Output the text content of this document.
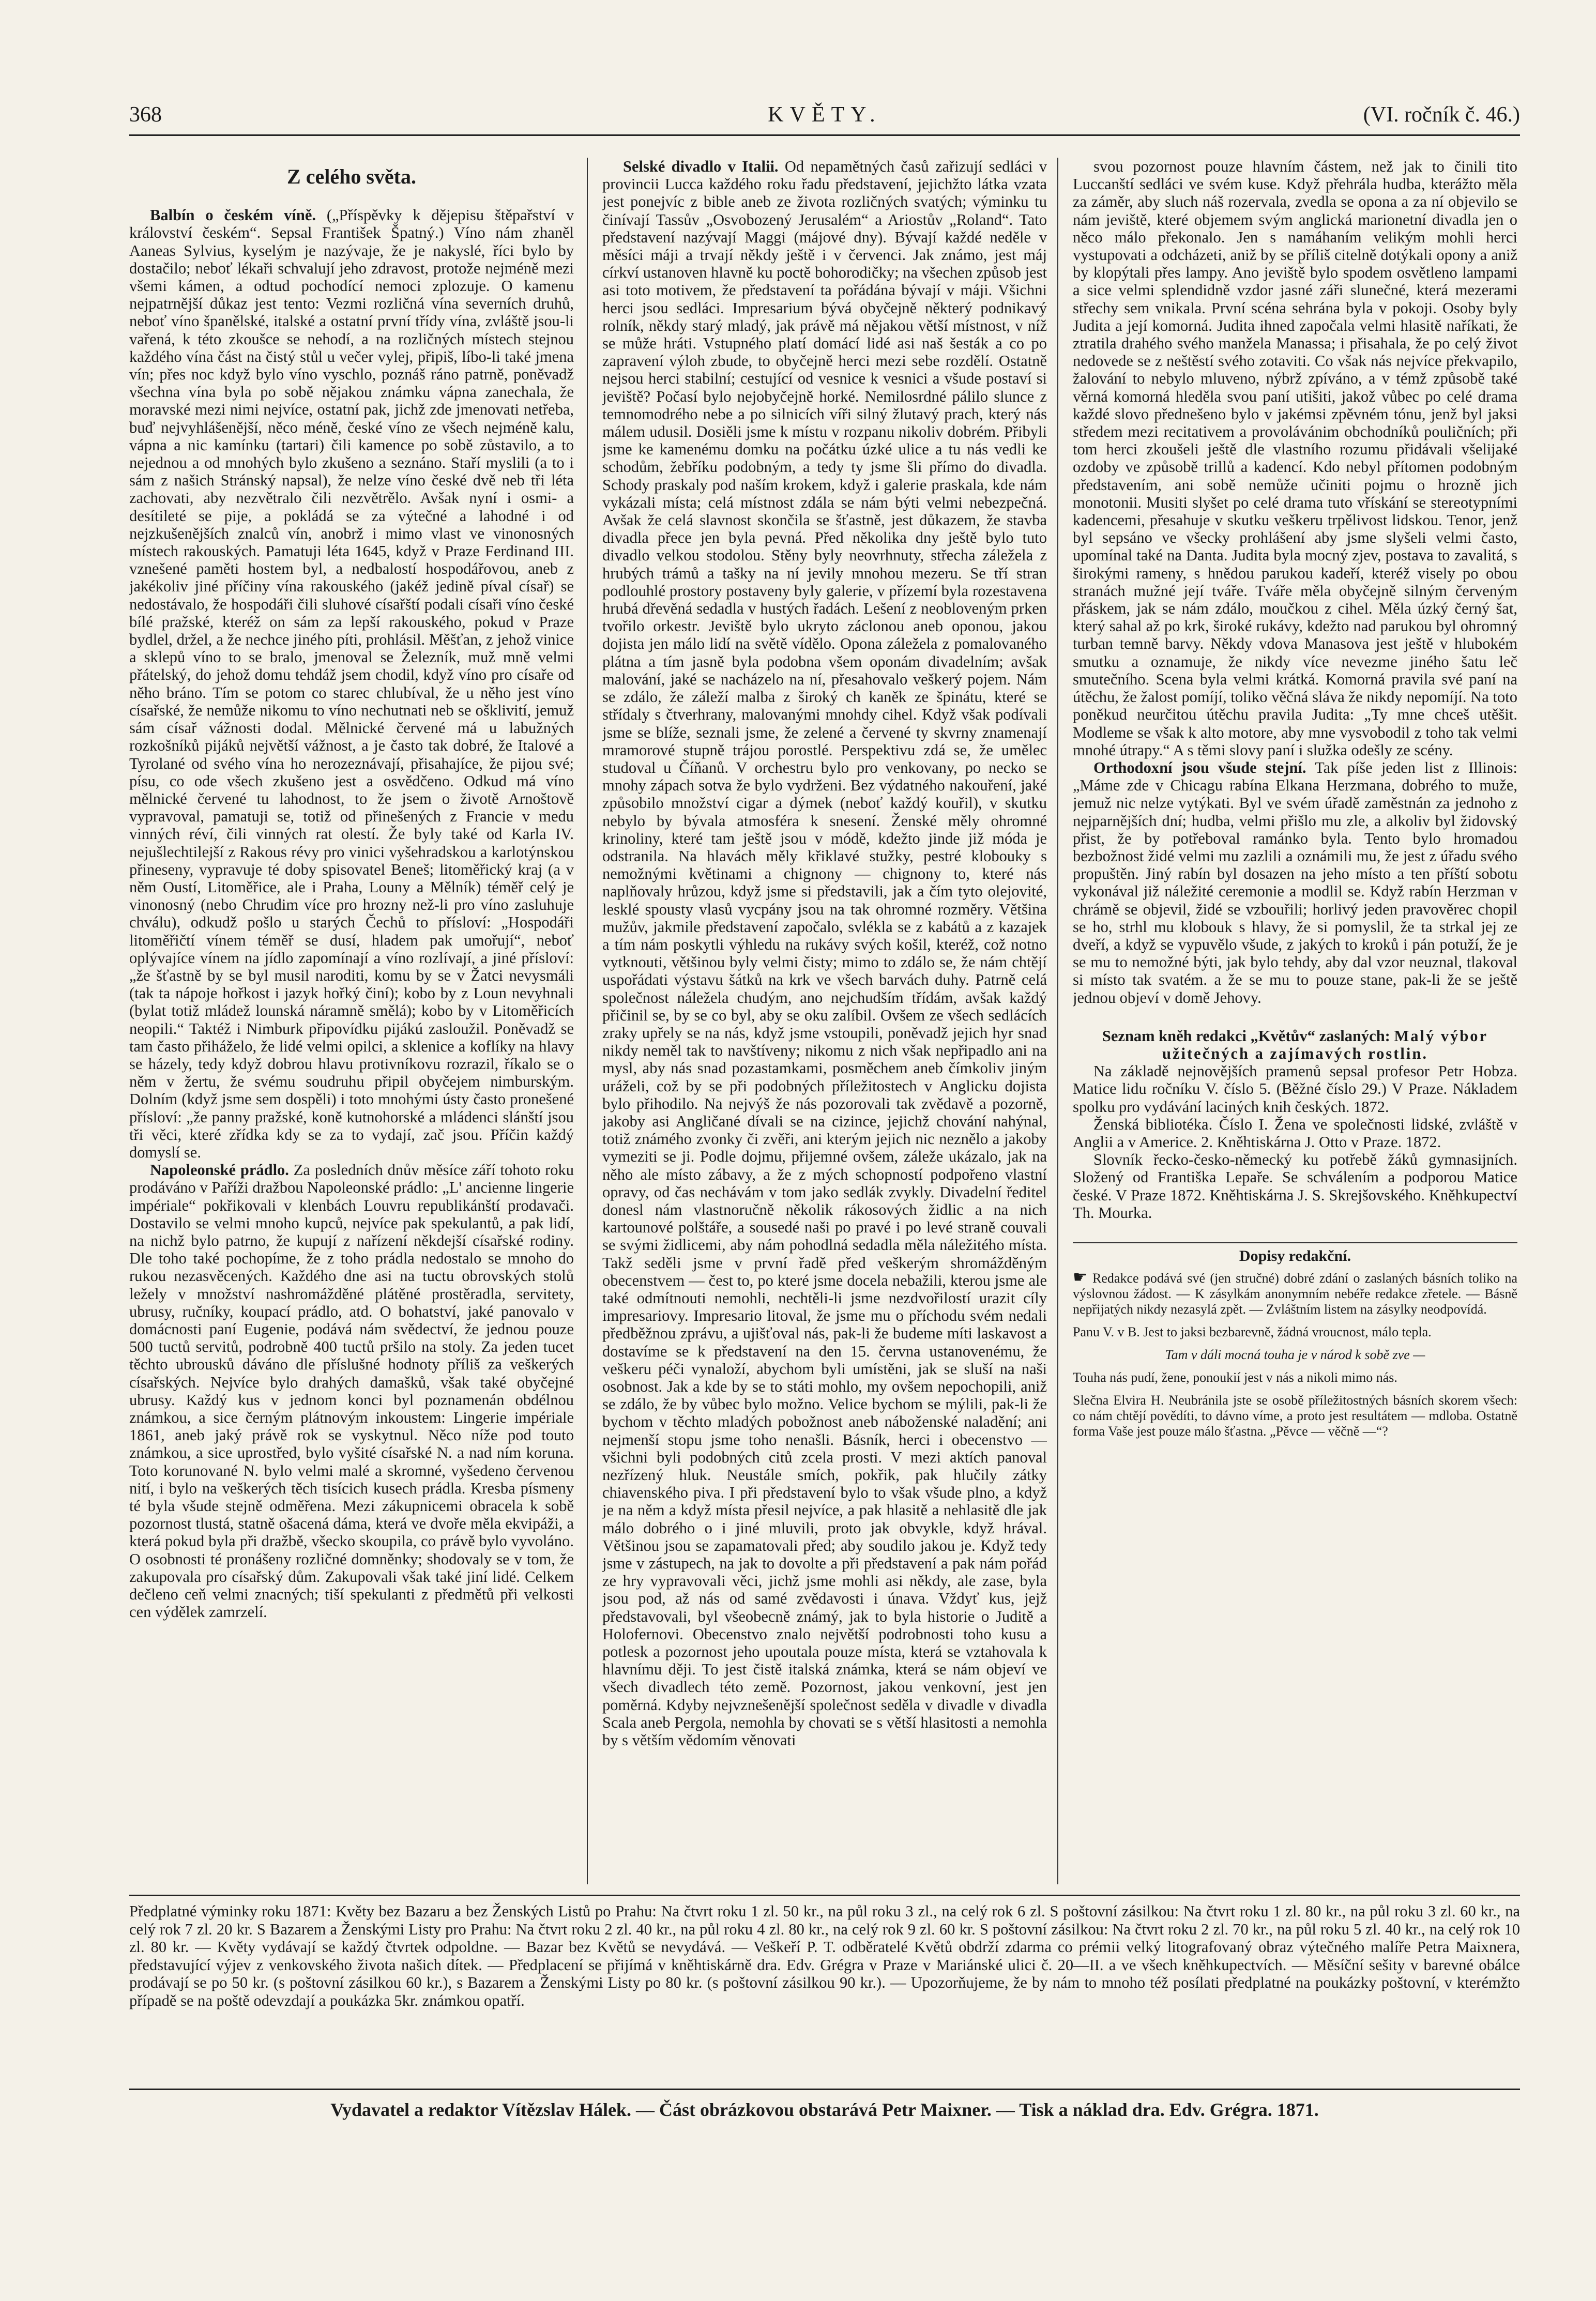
368	KVĚTY.	(VI. ročník č. 46.)
Z celého světa.

Balbín o českém víně. („Příspěvky k dějepisu štěpařství v království českém“. Sepsal František Špatný.) Víno nám zhaněl Aaneas Sylvius, kyselým je nazývaje, že je nakyslé, říci bylo by dostačilo; neboť lékaři schvalují jeho zdravost, protože nejméně mezi všemi kámen, a odtud pochodící nemoci zplozuje. O kamenu nejpatrnější důkaz jest tento: Vezmi rozličná vína severních druhů, neboť víno španělské, italské a ostatní první třídy vína, zvláště jsou-li vařená, k této zkoušce se nehodí, a na rozličných místech stejnou každého vína část na čistý stůl u večer vylej, připiš, líbo-li také jmena vín; přes noc když bylo víno vyschlo, poznáš ráno patrně, poněvadž všechna vína byla po sobě nějakou známku vápna zanechala, že moravské mezi nimi nejvíce, ostatní pak, jichž zde jmenovati netřeba, buď nejvyhlášenější, něco méně, české víno ze všech nejméně kalu, vápna a nic kamínku (tartari) čili kamence po sobě zůstavilo, a to nejednou a od mnohých bylo zkušeno a seznáno. Staří myslili (a to i sám z našich Stránský napsal), že nelze víno české dvě neb tři léta zachovati, aby nezvětralo čili nezvětrělo. Avšak nyní i osmi- a desítileté se pije, a pokládá se za výtečné a lahodné i od nejzkušenějších znalců vín, anobrž i mimo vlast ve vinonosných místech rakouských. Pamatuji léta 1645, když v Praze Ferdinand III. vznešené paměti hostem byl, a nedbalostí hospodářovou, aneb z jakékoliv jiné příčiny vína rakouského (jakéž jedině píval císař) se nedostávalo, že hospodáři čili sluhové císařští podali císaři víno české bílé pražské, kteréž on sám za lepší rakouského, pokud v Praze bydlel, držel, a že nechce jiného píti, prohlásil. Měšťan, z jehož vinice a sklepů víno to se bralo, jmenoval se Železník, muž mně velmi přátelský, do jehož domu tehdáž jsem chodil, když víno pro císaře od něho bráno. Tím se potom co starec chlubíval, že u něho jest víno císařské, že nemůže nikomu to víno nechutnati neb se ošklivití, jemuž sám císař vážnosti dodal. Mělnické červené má u labužných rozkošníků pijáků největší vážnost, a je často tak dobré, že Italové a Tyrolané od svého vína ho nerozeznávají, přisahajíce, že pijou své; písu, co ode všech zkušeno jest a osvědčeno. Odkud má víno mělnické červené tu lahodnost, to že jsem o životě Arnoštově vypravoval, pamatuji se, totiž od přinešených z Francie v medu vinných réví, čili vinných rat olestí. Že byly také od Karla IV. nejušlechtilejší z Rakous révy pro vinici vyšehradskou a karlotýnskou přineseny, vypravuje té doby spisovatel Beneš; litoměřický kraj (a v něm Oustí, Litoměřice, ale i Praha, Louny a Mělník) téměř celý je vinonosný (nebo Chrudim více pro hrozny než-li pro víno zasluhuje chválu), odkudž pošlo u starých Čechů to přísloví: „Hospodáři litoměřičtí vínem téměř se dusí, hladem pak umořují“, neboť oplývajíce vínem na jídlo zapomínají a víno rozlívají, a jiné přísloví: „že šťastně by se byl musil naroditi, komu by se v Žatci nevysmáli (tak ta nápoje hořkost i jazyk hořký činí); kobo by z Loun nevyhnali (bylat totiž mládež lounská náramně smělá); kobo by v Litoměřicích neopili.“ Taktéž i Nimburk připovídku pijákú zasloužil. Poněvadž se tam často přiháželo, že lidé velmi opilci, a sklenice a koflíky na hlavy se házely, tedy když dobrou hlavu protivníkovu rozrazil, říkalo se o něm v žertu, že svému soudruhu připil obyčejem nimburským. Dolním (když jsme sem dospěli) i toto mnohými ústy často pronešené přísloví: „že panny pražské, koně kutnohorské a mládenci slánští jsou tři věci, které zřídka kdy se za to vydají, zač jsou. Příčin každý domyslí se.

Napoleonské prádlo. Za posledních dnův měsíce září tohoto roku prodáváno v Paříži dražbou Napoleonské prádlo: „L' ancienne lingerie impériale“ pokřikovali v klenbách Louvru republikánští prodavači. Dostavilo se velmi mnoho kupců, nejvíce pak spekulantů, a pak lidí, na nichž bylo patrno, že kupují z nařízení někdejší císařské rodiny. Dle toho také pochopíme, že z toho prádla nedostalo se mnoho do rukou nezasvěcených. Každého dne asi na tuctu obrovských stolů ležely v množství nashromážděné plátěné prostěradla, servitety, ubrusy, ručníky, koupací prádlo, atd. O bohatství, jaké panovalo v domácnosti paní Eugenie, podává nám svědectví, že jednou pouze 500 tuctů servitů, podrobně 400 tuctů pršilo na stoly. Za jeden tucet těchto ubrousků dáváno dle příslušné hodnoty příliš za veškerých císařských. Nejvíce bylo drahých damašků, však také obyčejné ubrusy. Každý kus v jednom konci byl poznamenán obdélnou známkou, a sice černým plátnovým inkoustem: Lingerie impériale 1861, aneb jaký právě rok se vyskytnul. Něco níže pod touto známkou, a sice uprostřed, bylo vyšité císařské N. a nad ním koruna. Toto korunované N. bylo velmi malé a skromné, vyšedeno červenou nití, i bylo na veškerých těch tisícich kusech prádla. Kresba písmeny té byla všude stejně odměřena. Mezi zákupnicemi obracela k sobě pozornost tlustá, statně ošacená dáma, která ve dvoře měla ekvipáži, a která pokud byla při dražbě, všecko skoupila, co právě bylo vyvoláno. O osobnosti té pronášeny rozličné domněnky; shodovaly se v tom, že zakupovala pro císařský dům. Zakupovali však také jiní lidé. Celkem dečleno ceň velmi znacných; tiší spekulanti z předmětů při velkosti cen výdělek zamrzelí.

Selské divadlo v Italii. Od nepamětných časů zařizují sedláci v provincii Lucca každého roku řadu představení, jejichžto látka vzata jest ponejvíc z bible aneb ze života rozličných svatých; výminku tu činívají Tassův „Osvobozený Jerusalém“ a Ariostův „Roland“. Tato představení nazývají Maggi (májové dny). Bývají každé neděle v měsíci máji a trvají někdy ještě i v červenci. Jak známo, jest máj církví ustanoven hlavně ku poctě bohorodičky; na všechen způsob jest asi toto motivem, že představení ta pořádána bývají v máji. Všichni herci jsou sedláci. Impresarium bývá obyčejně některý podnikavý rolník, někdy starý mladý, jak právě má nějakou větší místnost, v níž se může hráti. Vstupného platí domácí lidé asi naš šesták a co po zapravení výloh zbude, to obyčejně herci mezi sebe rozdělí. Ostatně nejsou herci stabilní; cestující od vesnice k vesnici a všude postaví si jeviště? Počasí bylo nejobyčejně horké. Nemilosrdné pálilo slunce z temnomodrého nebe a po silnicích víři silný žlutavý prach, který nás málem udusil. Dosiěli jsme k místu v rozpanu nikoliv dobrém. Přibyli jsme ke kamenému domku na počátku úzké ulice a tu nás vedli ke schodům, žebříku podobným, a tedy ty jsme šli přímo do divadla. Schody praskaly pod naším krokem, když i galerie praskala, kde nám vykázali místa; celá místnost zdála se nám býti velmi nebezpečná. Avšak že celá slavnost skončila se šťastně, jest důkazem, že stavba divadla přece jen byla pevná. Před několika dny ještě bylo tuto divadlo velkou stodolou. Stěny byly neovrhnuty, střecha záležela z hrubých trámů a tašky na ní jevily mnohou mezeru. Se tří stran podlouhlé prostory postaveny byly galerie, v přízemí byla rozestavena hrubá dřevěná sedadla v hustých řadách. Lešení z neobloveným prken tvořilo orkestr. Jeviště bylo ukryto záclonou aneb oponou, jakou dojista jen málo lidí na světě vídělo. Opona záležela z pomalovaného plátna a tím jasně byla podobna všem oponám divadelním; avšak malování, jaké se nacházelo na ní, přesahovalo veškerý pojem. Nám se zdálo, že záleží malba z široký ch kaněk ze špinátu, které se střídaly s čtverhrany, malovanými mnohdy cihel. Když však podívali jsme se blíže, seznali jsme, že zelené a červené ty skvrny znamenají mramorové stupně trájou porostlé. Perspektivu zdá se, že umělec studoval u Číňanů. V orchestru bylo pro venkovany, po necko se mnohy zápach sotva že bylo vydrženi. Bez výdatného nakouření, jaké způsobilo množství cigar a dýmek (neboť každý kouřil), v skutku nebylo by bývala atmosféra k snesení. Ženské měly ohromné krinoliny, které tam ještě jsou v módě, kdežto jinde již móda je odstranila. Na hlavách měly křiklavé stužky, pestré klobouky s nemožnými květinami a chignony — chignony to, které nás naplňovaly hrůzou, když jsme si představili, jak a čím tyto olejovité, lesklé spousty vlasů vycpány jsou na tak ohromné rozměry. Většina mužův, jakmile představení započalo, svlékla se z kabátů a z kazajek a tím nám poskytli výhledu na rukávy svých košil, kteréž, což notno vytknouti, většinou byly velmi čisty; mimo to zdálo se, že nám chtějí uspořádati výstavu šátků na krk ve všech barvách duhy. Patrně celá společnost náležela chudým, ano nejchudším třídám, avšak každý přičinil se, by se co byl, aby se oku zalíbil. Ovšem ze všech sedlácích zraky upřely se na nás, když jsme vstoupili, poněvadž jejich hyr snad nikdy neměl tak to navštíveny; nikomu z nich však nepřipadlo ani na mysl, aby nás snad pozastamkami, posměchem aneb čímkoliv jiným uráželi, což by se při podobných příležitostech v Anglicku dojista bylo přihodilo. Na nejvýš že nás pozorovali tak zvědavě a pozorně, jakoby asi Angličané dívali se na cizince, jejichž chování nahýnal, totiž známého zvonky či zvěři, ani kterým jejich nic neznělo a jakoby vymeziti se ji. Podle dojmu, přijemné ovšem, záleže ukázalo, jak na něho ale místo zábavy, a že z mých schopností podpořeno vlastní opravy, od čas nechávám v tom jako sedlák zvykly. Divadelní ředitel donesl nám vlastnoručně několik rákosových židlic a na nich kartounové polštáře, a sousedé naši po pravé i po levé straně couvali se svými židlicemi, aby nám pohodlná sedadla měla náležitého místa. Takž seděli jsme v první řadě před veškerým shromážděným obecenstvem — čest to, po které jsme docela nebažili, kterou jsme ale také odmítnouti nemohli, nechtěli-li jsme nezdvořilostí urazit cíly impresariovy. Impresario litoval, že jsme mu o příchodu svém nedali předběžnou zprávu, a ujišťoval nás, pak-li že budeme míti laskavost a dostavíme se k představení na den 15. června ustanovenému, že veškeru péči vynaloží, abychom byli umístěni, jak se sluší na naši osobnost. Jak a kde by se to státi mohlo, my ovšem nepochopili, aniž se zdálo, že by vůbec bylo možno. Velice bychom se mýlili, pak-li že bychom v těchto mladých pobožnost aneb náboženské naladění; ani nejmenší stopu jsme toho nenašli. Básník, herci i obecenstvo — všichni byli podobných citů zcela prosti. V mezi aktích panoval nezřízený hluk. Neustále smích, pokřik, pak hlučily zátky chiavenského piva. I při představení bylo to však všude plno, a když je na něm a když místa přesil nejvíce, a pak hlasitě a nehlasitě dle jak málo dobrého o i jiné mluvili, proto jak obvykle, když hrával. Většinou jsou se zapamatovali před; aby soudilo jakou je. Když tedy jsme v zástupech, na jak to dovolte a při představení a pak nám pořád ze hry vypravovali věci, jichž jsme mohli asi někdy, ale zase, byla jsou pod, až nás od samé zvědavosti i únava. Vždyť kus, jejž představovali, byl všeobecně známý, jak to byla historie o Juditě a Holofernovi. Obecenstvo znalo největší podrobnosti toho kusu a potlesk a pozornost jeho upoutala pouze místa, která se vztahovala k hlavnímu ději. To jest čistě italská známka, která se nám objeví ve všech divadlech této země. Pozornost, jakou venkovní, jest jen poměrná. Kdyby nejvznešenější společnost seděla v divadle v divadla Scala aneb Pergola, nemohla by chovati se s větší hlasitosti a nemohla by s větším vědomím věnovati

svou pozornost pouze hlavním částem, než jak to činili tito Luccanští sedláci ve svém kuse. Když přehrála hudba, kterážto měla za záměr, aby sluch náš rozervala, zvedla se opona a za ní objevilo se nám jeviště, které objemem svým anglická marionetní divadla jen o něco málo překonalo. Jen s namáhaním velikým mohli herci vystupovati a odcházeti, aniž by se příliš citelně dotýkali opony a aniž by klopýtali přes lampy. Ano jeviště bylo spodem osvětleno lampami a sice velmi splendidně vzdor jasné záři slunečné, která mezerami střechy sem vnikala. První scéna sehrána byla v pokoji. Osoby byly Judita a její komorná. Judita ihned započala velmi hlasitě naříkati, že ztratila drahého svého manžela Manassa; i přisahala, že po celý život nedovede se z neštěstí svého zotaviti. Co však nás nejvíce překvapilo, žalování to nebylo mluveno, nýbrž zpíváno, a v témž způsobě také věrná komorná hleděla svou paní utišiti, jakož vůbec po celé drama každé slovo přednešeno bylo v jakémsi zpěvném tónu, jenž byl jaksi středem mezi recitativem a provolávánim obchodníků pouličních; při tom herci zkoušeli ještě dle vlastního rozumu přidávali všelijaké ozdoby ve způsobě trillů a kadencí. Kdo nebyl přítomen podobným představením, ani sobě nemůže učiniti pojmu o hrozně jich monotonii. Musiti slyšet po celé drama tuto vřískání se stereotypními kadencemi, přesahuje v skutku veškeru trpělivost lidskou. Tenor, jenž byl sepsáno ve všecky prohlášení aby jsme slyšeli velmi často, upomínal také na Danta. Judita byla mocný zjev, postava to zavalitá, s širokými rameny, s hnědou parukou kadeří, kteréž visely po obou stranách mužné její tváře. Tváře měla obyčejně silným červeným přáskem, jak se nám zdálo, moučkou z cihel. Měla úzký černý šat, který sahal až po krk, široké rukávy, kdežto nad parukou byl ohromný turban temně barvy. Někdy vdova Manasova jest ještě v hlubokém smutku a oznamuje, že nikdy více nevezme jiného šatu leč smutečního. Scena byla velmi krátká. Komorná pravila své paní na útěchu, že žalost pomíjí, toliko věčná sláva že nikdy nepomíjí. Na toto poněkud neurčitou útěchu pravila Judita: „Ty mne chceš utěšit. Modleme se však k alto motore, aby mne vysvobodil z toho tak velmi mnohé útrapy.“ A s těmi slovy paní i služka odešly ze scény.

Orthodoxní jsou všude stejní. Tak píše jeden list z Illinois: „Máme zde v Chicagu rabína Elkana Herzmana, dobrého to muže, jemuž nic nelze vytýkati. Byl ve svém úřadě zaměstnán za jednoho z nejparnějších dní; hudba, velmi přišlo mu zle, a alkoliv byl židovský přist, že by potřeboval ramánko byla. Tento bylo hromadou bezbožnost židé velmi mu zazlili a oznámili mu, že jest z úřadu svého propuštěn. Jiný rabín byl dosazen na jeho místo a ten příští sobotu vykonával již náležité ceremonie a modlil se. Když rabín Herzman v chrámě se objevil, židé se vzbouřili; horlivý jeden pravověrec chopil se ho, strhl mu klobouk s hlavy, že si pomyslil, že ta strkal jej ze dveří, a když se vypuvělo všude, z jakých to kroků i pán potuží, že je se mu to nemožné býti, jak bylo tehdy, aby dal vzor neuznal, tlakoval si místo tak svatém. a že se mu to pouze stane, pak-li že se ještě jednou objeví v domě Jehovy.

Seznam kněh redakci „Květův“ zaslaných: Malý výbor užitečných a zajímavých rostlin.

Na základě nejnovějších pramenů sepsal profesor Petr Hobza. Matice lidu ročníku V. číslo 5. (Běžné číslo 29.) V Praze. Nákladem spolku pro vydávání laciných knih českých. 1872.

Ženská bibliotéka. Číslo I. Žena ve společnosti lidské, zvláště v Anglii a v Americe. 2. Kněhtiskárna J. Otto v Praze. 1872.

Slovník řecko-česko-německý ku potřebě žáků gymnasijních. Složený od Františka Lepaře. Se schválením a podporou Matice české. V Praze 1872. Kněhtiskárna J. S. Skrejšovského. Kněhkupectví Th. Mourka.

Dopisy redakční.

☛ Redakce podává své (jen stručné) dobré zdání o zaslaných básních toliko na výslovnou žádost. — K zásylkám anonymním nebéře redakce zřetele. — Básně nepřijatých nikdy nezasylá zpět. — Zvláštním listem na zásylky neodpovídá.

Panu V. v B. Jest to jaksi bezbarevně, žádná vroucnost, málo tepla.

Tam v dáli mocná touha je v národ k sobě zve —

Touha nás pudí, žene, ponoukií jest v nás a nikoli mimo nás.

Slečna Elvira H. Neubránila jste se osobě příležitostných básních skorem všech: co nám chtějí povědíti, to dávno víme, a proto jest resultátem — mdloba. Ostatně forma Vaše jest pouze málo šťastna. „Pěvce — věčně —“?

Předplatné výminky roku 1871: Květy bez Bazaru a bez Ženských Listů po Prahu: Na čtvrt roku 1 zl. 50 kr., na půl roku 3 zl., na celý rok 6 zl. S poštovní zásilkou: Na čtvrt roku 1 zl. 80 kr., na půl roku 3 zl. 60 kr., na celý rok 7 zl. 20 kr. S Bazarem a Ženskými Listy pro Prahu: Na čtvrt roku 2 zl. 40 kr., na půl roku 4 zl. 80 kr., na celý rok 9 zl. 60 kr. S poštovní zásilkou: Na čtvrt roku 2 zl. 70 kr., na půl roku 5 zl. 40 kr., na celý rok 10 zl. 80 kr. — Květy vydávají se každý čtvrtek odpoldne. — Bazar bez Květů se nevydává. — Veškeří P. T. odběratelé Květů obdrží zdarma co prémii velký litografovaný obraz výtečného malíře Petra Maixnera, představující výjev z venkovského života našich dítek. — Předplacení se přijímá v kněhtiskárně dra. Edv. Grégra v Praze v Mariánské ulici č. 20—II. a ve všech kněhkupectvích. — Měsíční sešity v barevné obálce prodávají se po 50 kr. (s poštovní zásilkou 60 kr.), s Bazarem a Ženskými Listy po 80 kr. (s poštovní zásilkou 90 kr.). — Upozorňujeme, že by nám to mnoho též posílati předplatné na poukázky poštovní, v kterémžto případě se na poště odevzdají a poukázka 5kr. známkou opatří.

Vydavatel a redaktor Vítězslav Hálek. — Část obrázkovou obstarává Petr Maixner. — Tisk a náklad dra. Edv. Grégra. 1871.
